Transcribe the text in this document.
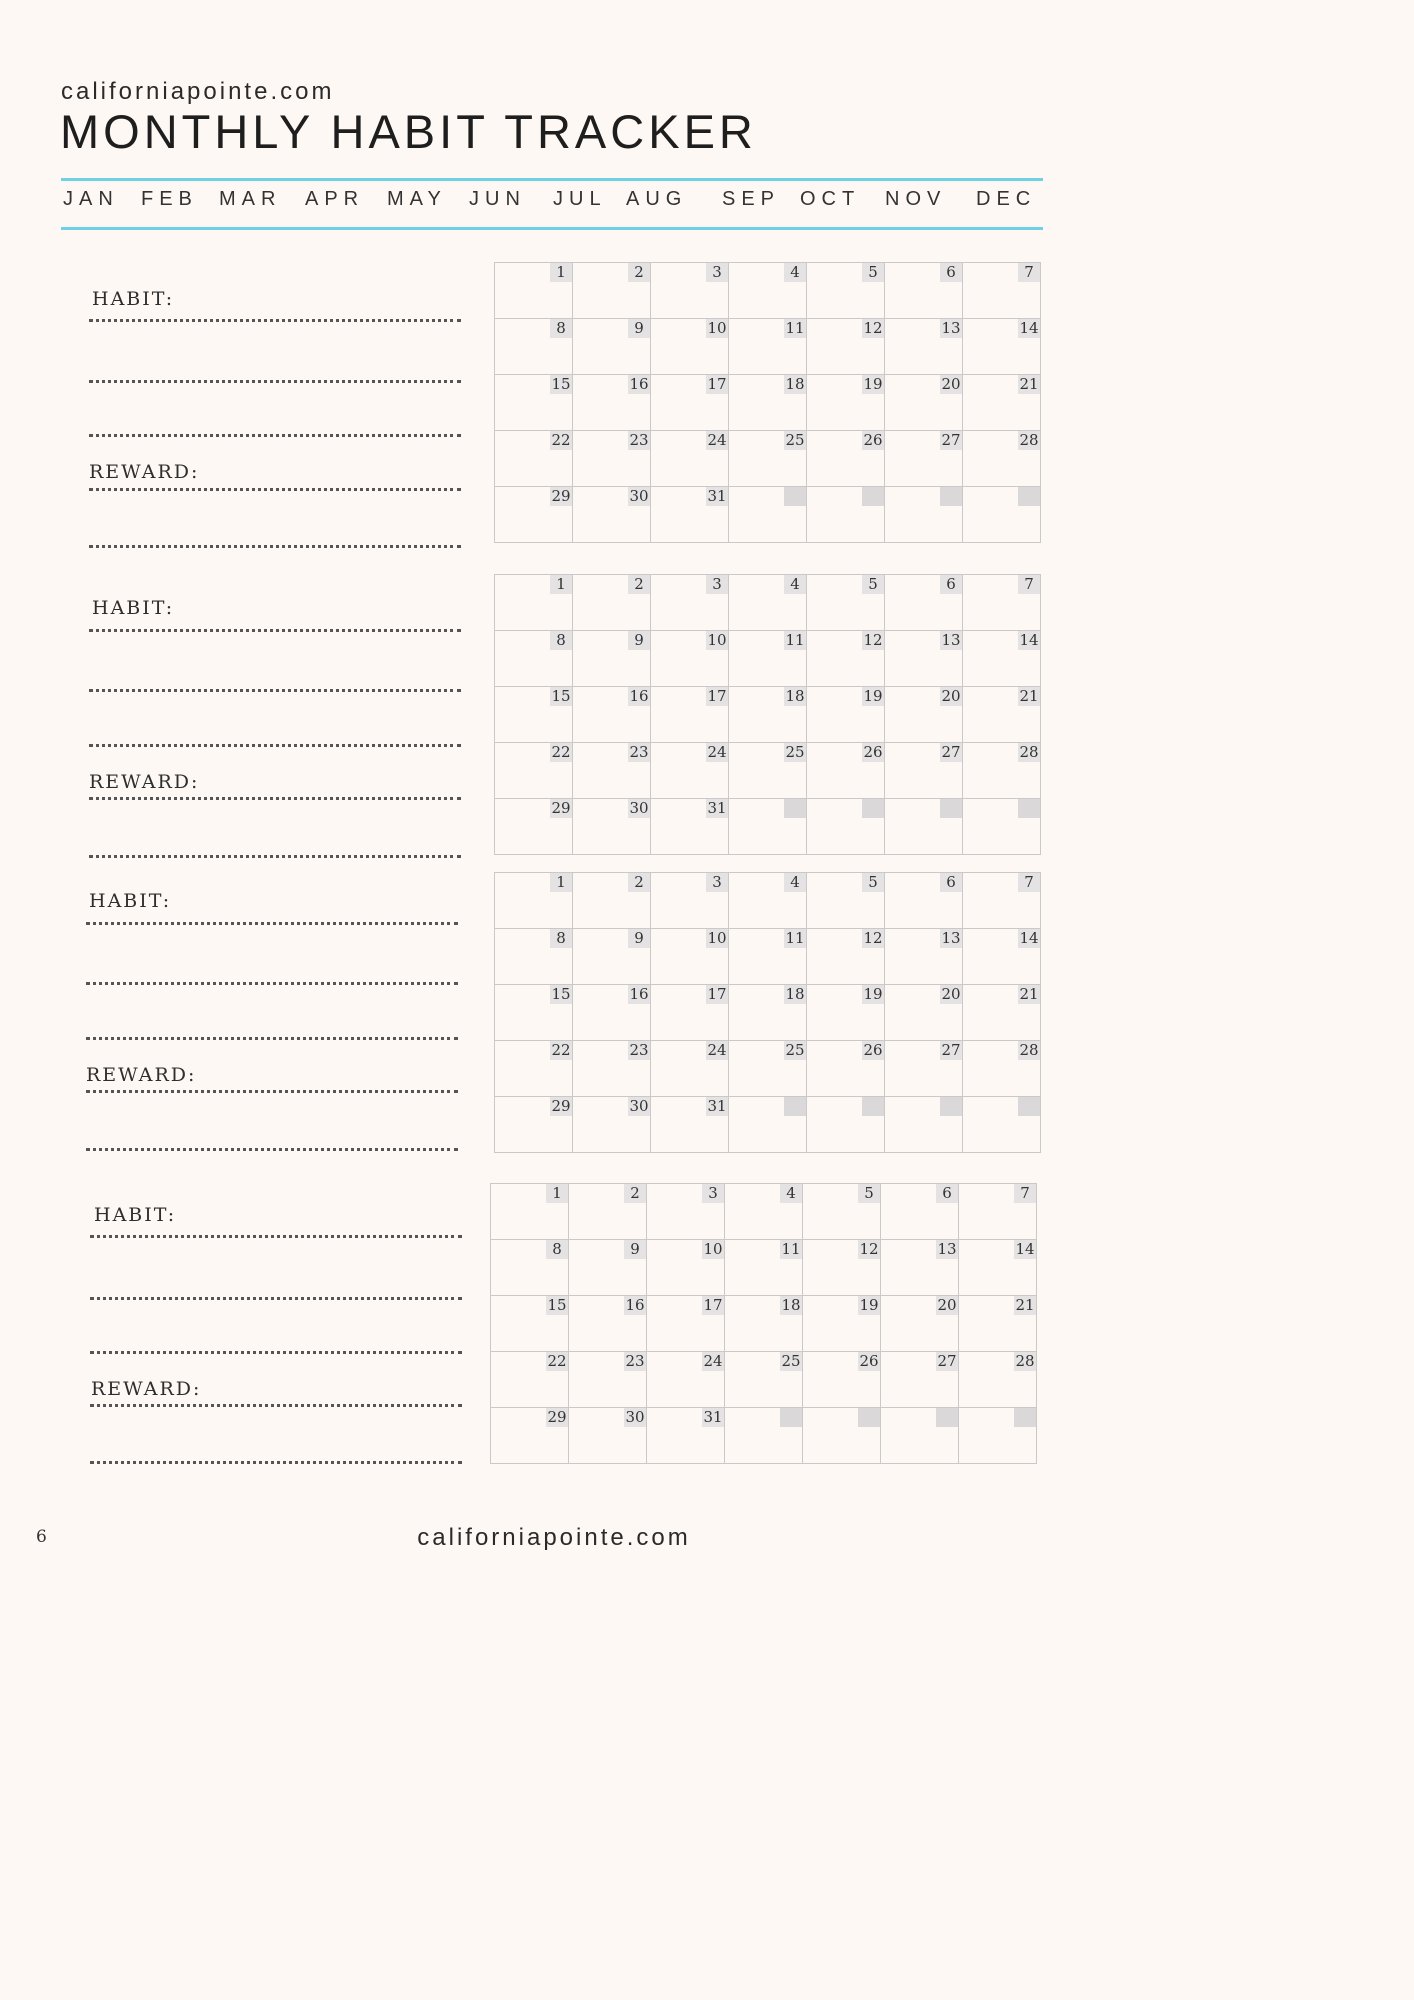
californiapointe.com
MONTHLY HABIT TRACKER
JAN FEB MAR APR MAY JUN JUL AUG SEP OCT NOV DEC
HABIT:
REWARD:
1	2	3	4	5	6	7
8	9	10	11	12	13	14
15	16	17	18	19	20	21
22	23	24	25	26	27	28
29	30	31
HABIT:
REWARD:
1	2	3	4	5	6	7
8	9	10	11	12	13	14
15	16	17	18	19	20	21
22	23	24	25	26	27	28
29	30	31
HABIT:
REWARD:
1	2	3	4	5	6	7
8	9	10	11	12	13	14
15	16	17	18	19	20	21
22	23	24	25	26	27	28
29	30	31
HABIT:
REWARD:
1	2	3	4	5	6	7
8	9	10	11	12	13	14
15	16	17	18	19	20	21
22	23	24	25	26	27	28
29	30	31
6	californiapointe.com
